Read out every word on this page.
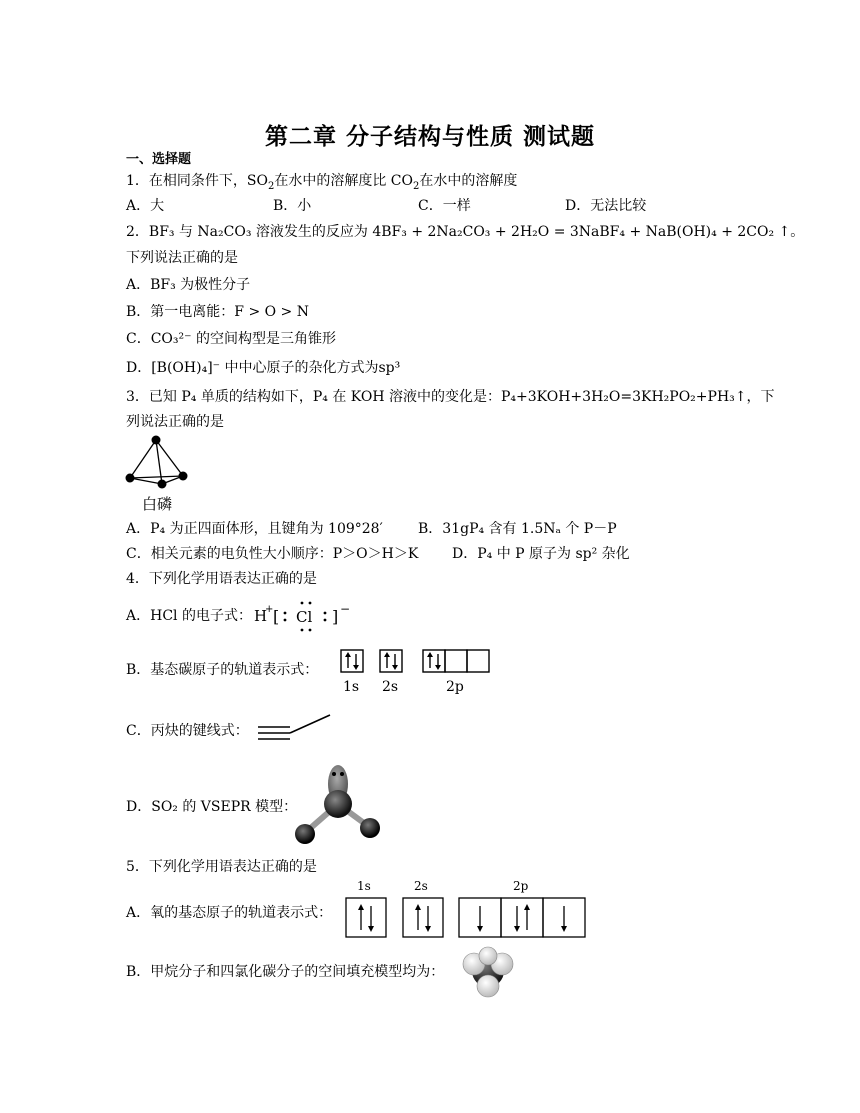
第二章 分子结构与性质 测试题
一、选择题
1．在相同条件下，$SO_2$在水中的溶解度比 $CO_2$在水中的溶解度
A．大	B．小	C．一样	D．无法比较
2．BF₃ 与 Na₂CO₃ 溶液发生的反应为 4BF₃ + 2Na₂CO₃ + 2H₂O = 3NaBF₄ + NaB(OH)₄ + 2CO₂ ↑。
下列说法正确的是
A．BF₃ 为极性分子
B．第一电离能：F > O > N
C．CO₃²⁻ 的空间构型是三角锥形
D．[B(OH)₄]⁻ 中中心原子的杂化方式为sp³
3．已知 P₄ 单质的结构如下，P₄ 在 KOH 溶液中的变化是：P₄+3KOH+3H₂O=3KH₂PO₂+PH₃↑，下
列说法正确的是
白磷
A．P₄ 为正四面体形，且键角为 109°28′	B．31gP₄ 含有 1.5Nₐ 个 P－P
C．相关元素的电负性大小顺序：P＞O＞H＞K D．P₄ 中 P 原子为 sp² 杂化
4．下列化学用语表达正确的是
A．HCl 的电子式： H
+ [ Cl ] −
B．基态碳原子的轨道表示式：
1s 2s	2p
C．丙炔的键线式：
D．SO₂ 的 VSEPR 模型：
5．下列化学用语表达正确的是
A．氧的基态原子的轨道表示式：
1s	2s	2p
B．甲烷分子和四氯化碳分子的空间填充模型均为：
